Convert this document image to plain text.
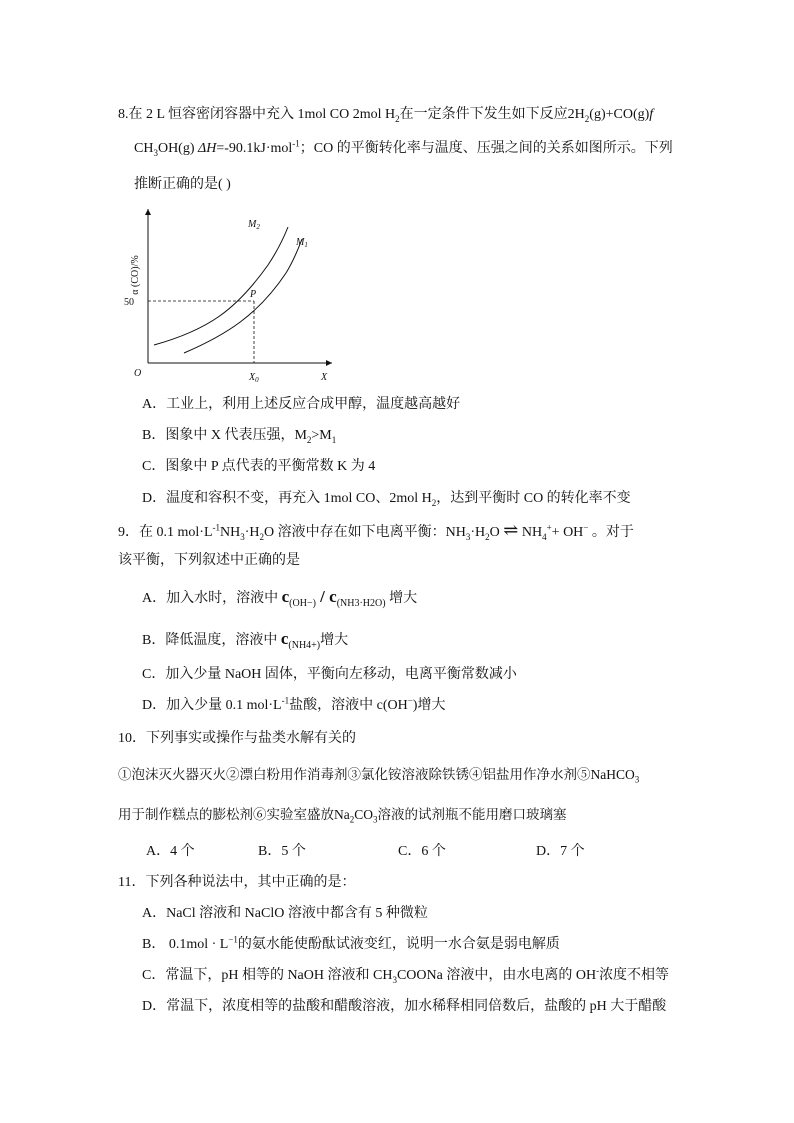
8.在 2 L 恒容密闭容器中充入 1mol CO 2mol $H_2$在一定条件下发生如下反应$2H_2(g)+CO(g)f$
$CH_3OH(g)$ ΔH=-90.1kJ·mol$^{-1}$；CO 的平衡转化率与温度、压强之间的关系如图所示。下列
推断正确的是( )
α (CO)/%
50
O	$X_0$	X
$M_2$
$M_1$
P
A．工业上，利用上述反应合成甲醇，温度越高越好
B．图象中 X 代表压强，$M_2>M_1$
C．图象中 P 点代表的平衡常数 K 为 4
D．温度和容积不变，再充入 1mol CO、2mol $H_2$，达到平衡时 CO 的转化率不变
9．在 0.1 $mol\cdot L^{-1}NH_3\cdot H_2O$ 溶液中存在如下电离平衡：$NH_3\cdot H_2O$ ⇌ $NH_4^++ OH^-$ 。对于
该平衡，下列叙述中正确的是
A．加入水时，溶液中 $c_{(OH-)} / c_{(NH3\cdot H2O)}$ 增大
B．降低温度，溶液中 $c_{(NH4+)}$增大
C．加入少量 NaOH 固体，平衡向左移动，电离平衡常数减小
D．加入少量 0.1 $mol\cdot L^{-1}$盐酸，溶液中 c(OH−)增大
10．下列事实或操作与盐类水解有关的
①泡沫灭火器灭火②漂白粉用作消毒剂③氯化铵溶液除铁锈④铝盐用作净水剂⑤NaHCO$_3$
用于制作糕点的膨松剂⑥实验室盛放$Na_2CO_3$溶液的试剂瓶不能用磨口玻璃塞
A．4 个	B．5 个	C．6 个	D．7 个
11．下列各种说法中，其中正确的是：
A．NaCl 溶液和 NaClO 溶液中都含有 5 种微粒
B． $0.1mol \cdot L^{-1}$的氨水能使酚酞试液变红，说明一水合氨是弱电解质
C．常温下，pH 相等的 NaOH 溶液和 $CH_3COONa$ 溶液中，由水电离的 OH-浓度不相等
D．常温下，浓度相等的盐酸和醋酸溶液，加水稀释相同倍数后，盐酸的 pH 大于醋酸
